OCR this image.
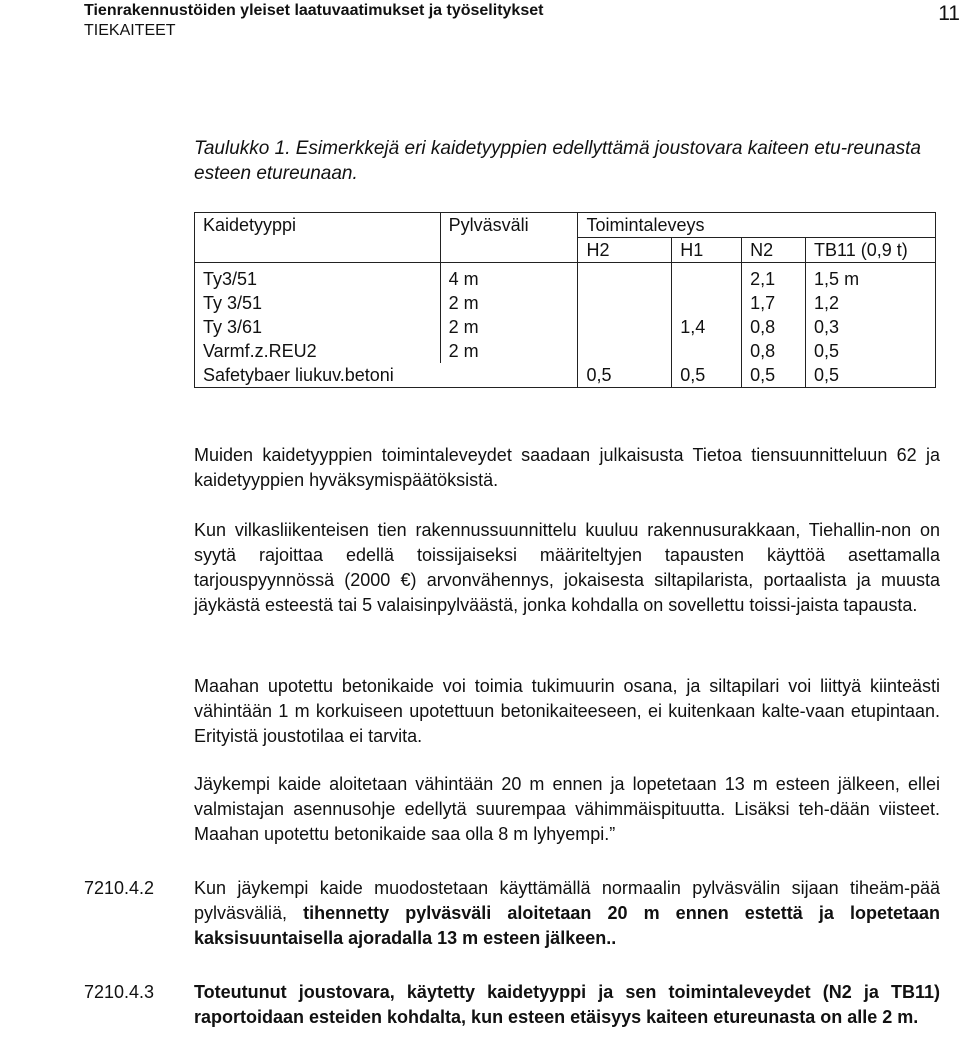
Tienrakennustöiden yleiset laatuvaatimukset ja työselitykset
TIEKAITEET
11
Taulukko 1. Esimerkkejä eri kaidetyyppien edellyttämä joustovara kaiteen etu-reunasta esteen etureunaan.
Kaidetyyppi	Pylväsväli	Toimintaleveys			
		H2	H1	N2	TB11 (0,9 t)
Ty3/51	4 m			2,1	1,5 m
Ty 3/51	2 m			1,7	1,2
Ty 3/61	2 m		1,4	0,8	0,3
Varmf.z.REU2	2 m			0,8	0,5
Safetybaer liukuv.betoni		0,5	0,5	0,5	0,5
Muiden kaidetyyppien toimintaleveydet saadaan julkaisusta Tietoa tiensuunnitteluun 62 ja kaidetyyppien hyväksymispäätöksistä.
Kun vilkasliikenteisen tien rakennussuunnittelu kuuluu rakennusurakkaan, Tiehallin-non on syytä rajoittaa edellä toissijaiseksi määriteltyjen tapausten käyttöä asettamalla tarjouspyynnössä (2000 €) arvonvähennys, jokaisesta siltapilarista, portaalista ja muusta jäykästä esteestä tai 5 valaisinpylväästä, jonka kohdalla on sovellettu toissi-jaista tapausta.
Maahan upotettu betonikaide voi toimia tukimuurin osana, ja siltapilari voi liittyä kiinteästi vähintään 1 m korkuiseen upotettuun betonikaiteeseen, ei kuitenkaan kalte-vaan etupintaan. Erityistä joustotilaa ei tarvita.
Jäykempi kaide aloitetaan vähintään 20 m ennen ja lopetetaan 13 m esteen jälkeen, ellei valmistajan asennusohje edellytä suurempaa vähimmäispituutta. Lisäksi teh-dään viisteet. Maahan upotettu betonikaide saa olla 8 m lyhyempi.”
7210.4.2 Kun jäykempi kaide muodostetaan käyttämällä normaalin pylväsvälin sijaan tiheäm-pää pylväsväliä, tihennetty pylväsväli aloitetaan 20 m ennen estettä ja lopetetaan kaksisuuntaisella ajoradalla 13 m esteen jälkeen..
7210.4.3 Toteutunut joustovara, käytetty kaidetyyppi ja sen toimintaleveydet (N2 ja TB11) raportoidaan esteiden kohdalta, kun esteen etäisyys kaiteen etureunasta on alle 2 m.
